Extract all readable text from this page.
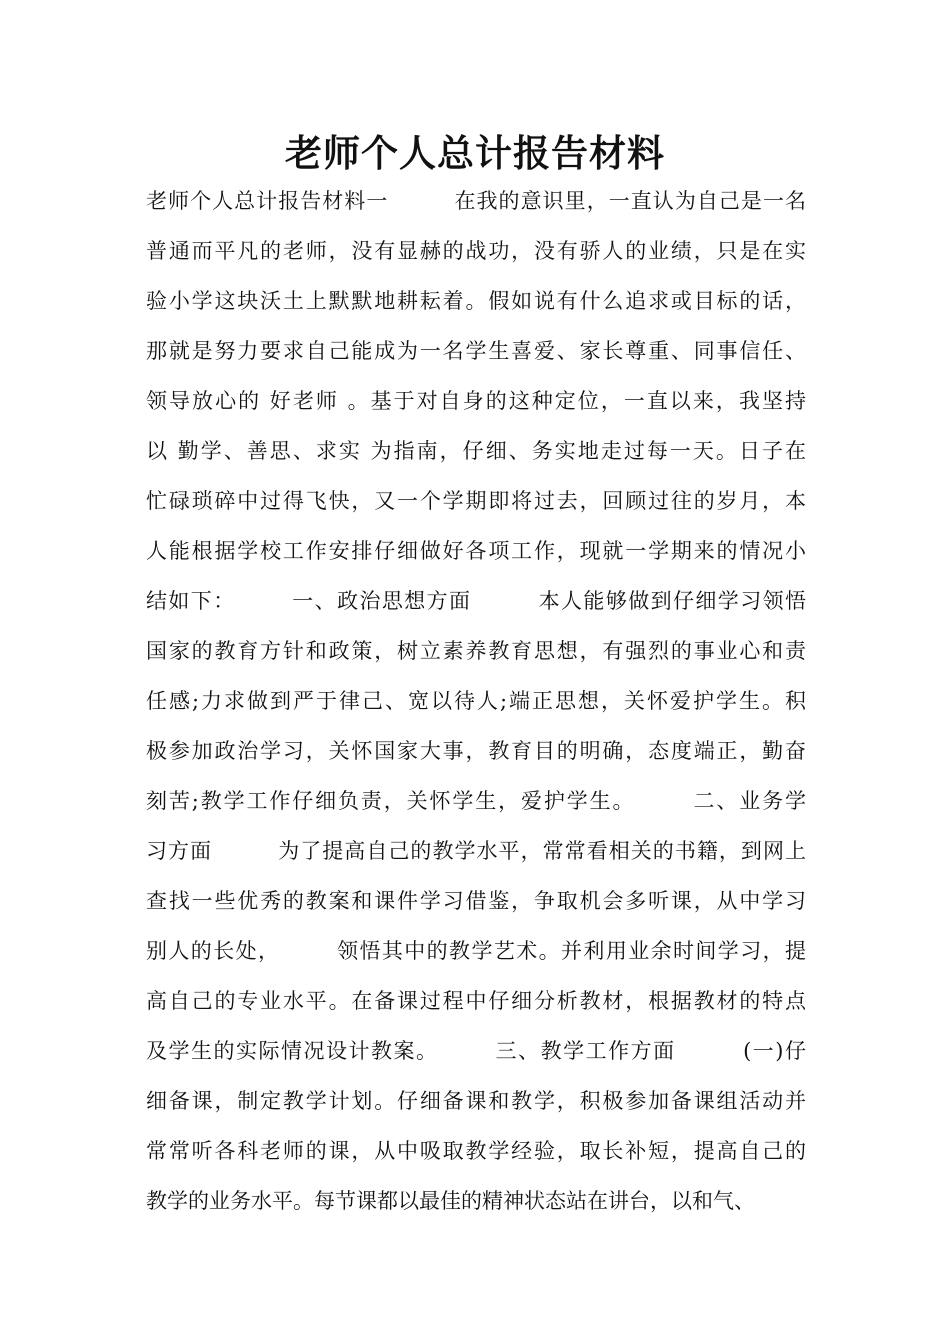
老师个人总计报告材料
老师个人总计报告材料一　　　在我的意识里，一直认为自己是一名
普通而平凡的老师，没有显赫的战功，没有骄人的业绩，只是在实
验小学这块沃土上默默地耕耘着。假如说有什么追求或目标的话，
那就是努力要求自己能成为一名学生喜爱、家长尊重、同事信任、
领导放心的 好老师 。基于对自身的这种定位，一直以来，我坚持
以 勤学、善思、求实 为指南，仔细、务实地走过每一天。日子在
忙碌琐碎中过得飞快，又一个学期即将过去，回顾过往的岁月，本
人能根据学校工作安排仔细做好各项工作，现就一学期来的情况小
结如下：　　　一、政治思想方面　　　本人能够做到仔细学习领悟
国家的教育方针和政策，树立素养教育思想，有强烈的事业心和责
任感;力求做到严于律己、宽以待人;端正思想，关怀爱护学生。积
极参加政治学习，关怀国家大事，教育目的明确，态度端正，勤奋
刻苦;教学工作仔细负责，关怀学生，爱护学生。　　　二、业务学
习方面　　　为了提高自己的教学水平，常常看相关的书籍，到网上
查找一些优秀的教案和课件学习借鉴，争取机会多听课，从中学习
别人的长处，　　　领悟其中的教学艺术。并利用业余时间学习，提
高自己的专业水平。在备课过程中仔细分析教材，根据教材的特点
及学生的实际情况设计教案。　　　三、教学工作方面　　　(一)仔
细备课，制定教学计划。仔细备课和教学，积极参加备课组活动并
常常听各科老师的课，从中吸取教学经验，取长补短，提高自己的
教学的业务水平。每节课都以最佳的精神状态站在讲台，以和气、
